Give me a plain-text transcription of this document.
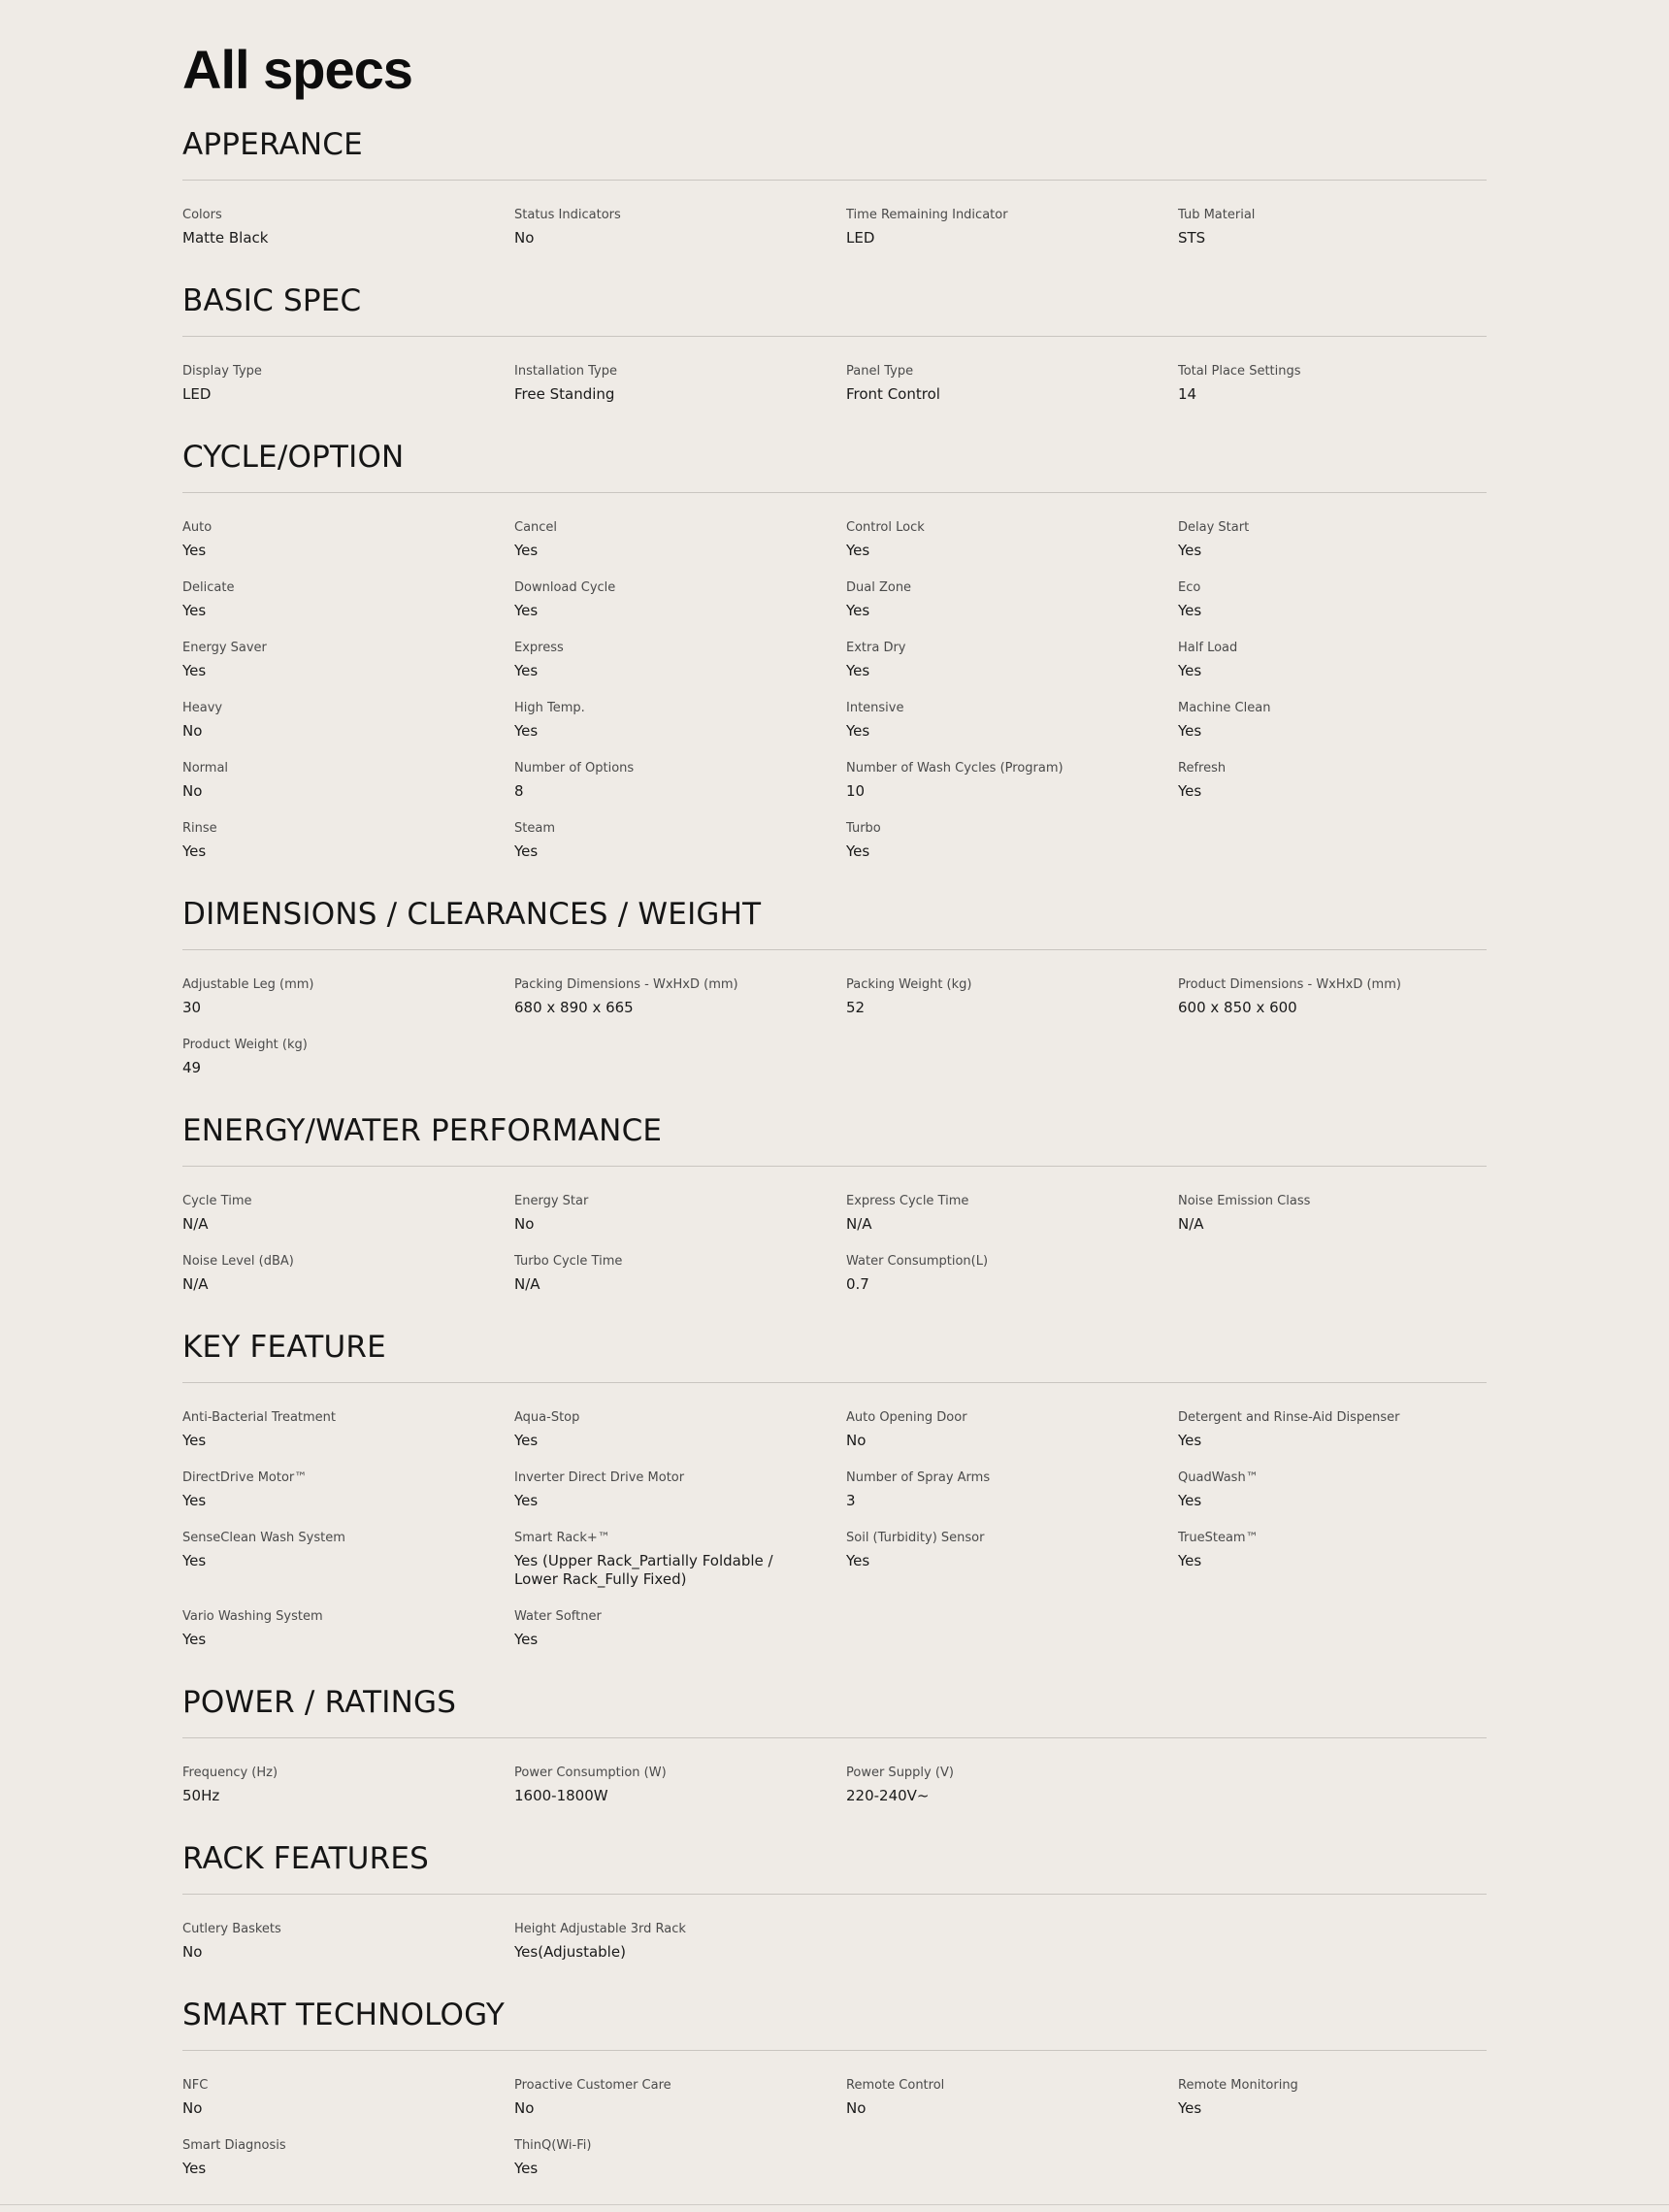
All specs
APPERANCE
Colors
Matte Black
Status Indicators
No
Time Remaining Indicator
LED
Tub Material
STS
BASIC SPEC
Display Type
LED
Installation Type
Free Standing
Panel Type
Front Control
Total Place Settings
14
CYCLE/OPTION
Auto
Yes
Cancel
Yes
Control Lock
Yes
Delay Start
Yes
Delicate
Yes
Download Cycle
Yes
Dual Zone
Yes
Eco
Yes
Energy Saver
Yes
Express
Yes
Extra Dry
Yes
Half Load
Yes
Heavy
No
High Temp.
Yes
Intensive
Yes
Machine Clean
Yes
Normal
No
Number of Options
8
Number of Wash Cycles (Program)
10
Refresh
Yes
Rinse
Yes
Steam
Yes
Turbo
Yes
DIMENSIONS / CLEARANCES / WEIGHT
Adjustable Leg (mm)
30
Packing Dimensions - WxHxD (mm)
680 x 890 x 665
Packing Weight (kg)
52
Product Dimensions - WxHxD (mm)
600 x 850 x 600
Product Weight (kg)
49
ENERGY/WATER PERFORMANCE
Cycle Time
N/A
Energy Star
No
Express Cycle Time
N/A
Noise Emission Class
N/A
Noise Level (dBA)
N/A
Turbo Cycle Time
N/A
Water Consumption(L)
0.7
KEY FEATURE
Anti-Bacterial Treatment
Yes
Aqua-Stop
Yes
Auto Opening Door
No
Detergent and Rinse-Aid Dispenser
Yes
DirectDrive Motor™
Yes
Inverter Direct Drive Motor
Yes
Number of Spray Arms
3
QuadWash™
Yes
SenseClean Wash System
Yes
Smart Rack+™
Yes (Upper Rack_Partially Foldable / Lower Rack_Fully Fixed)
Soil (Turbidity) Sensor
Yes
TrueSteam™
Yes
Vario Washing System
Yes
Water Softner
Yes
POWER / RATINGS
Frequency (Hz)
50Hz
Power Consumption (W)
1600-1800W
Power Supply (V)
220-240V~
RACK FEATURES
Cutlery Baskets
No
Height Adjustable 3rd Rack
Yes(Adjustable)
SMART TECHNOLOGY
NFC
No
Proactive Customer Care
No
Remote Control
No
Remote Monitoring
Yes
Smart Diagnosis
Yes
ThinQ(Wi-Fi)
Yes
